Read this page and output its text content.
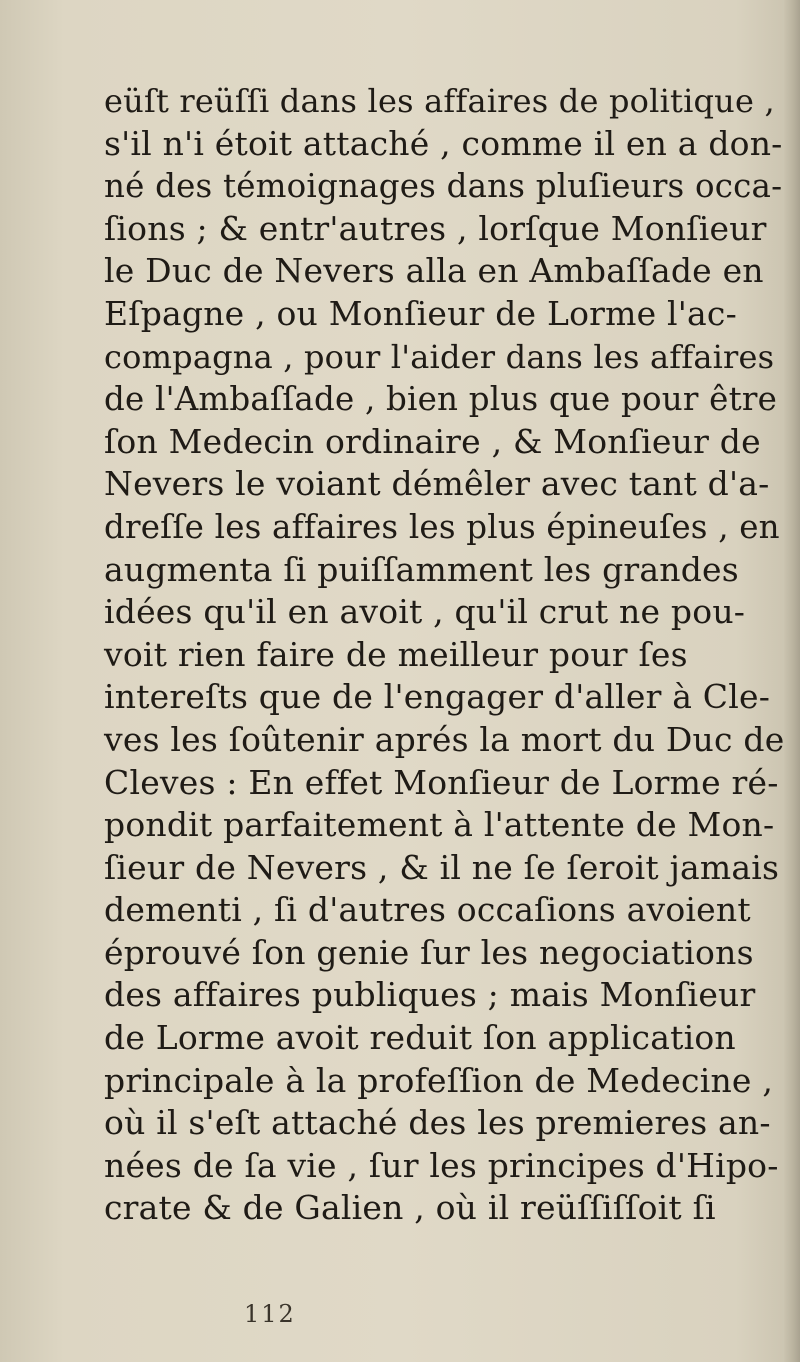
eüſt reüſſi dans les affaires de politique ,
s'il n'i étoit attaché , comme il en a don-
né des témoignages dans pluſieurs occa-
ſions ; & entr'autres , lorſque Monſieur
le Duc de Nevers alla en Ambaſſade en
Eſpagne , ou Monſieur de Lorme l'ac-
compagna , pour l'aider dans les affaires
de l'Ambaſſade , bien plus que pour être
ſon Medecin ordinaire , & Monſieur de
Nevers le voiant démêler avec tant d'a-
dreſſe les affaires les plus épineuſes , en
augmenta ſi puiſſamment les grandes
idées qu'il en avoit , qu'il crut ne pou-
voit rien faire de meilleur pour ſes
intereſts que de l'engager d'aller à Cle-
ves les ſoûtenir aprés la mort du Duc de
Cleves : En effet Monſieur de Lorme ré-
pondit parfaitement à l'attente de Mon-
ſieur de Nevers , & il ne ſe ſeroit jamais
dementi , ſi d'autres occaſions avoient
éprouvé ſon genie ſur les negociations
des affaires publiques ; mais Monſieur
de Lorme avoit reduit ſon application
principale à la profeſſion de Medecine ,
où il s'eſt attaché des les premieres an-
nées de ſa vie , ſur les principes d'Hipo-
crate & de Galien , où il reüſſiſſoit ſi
112
